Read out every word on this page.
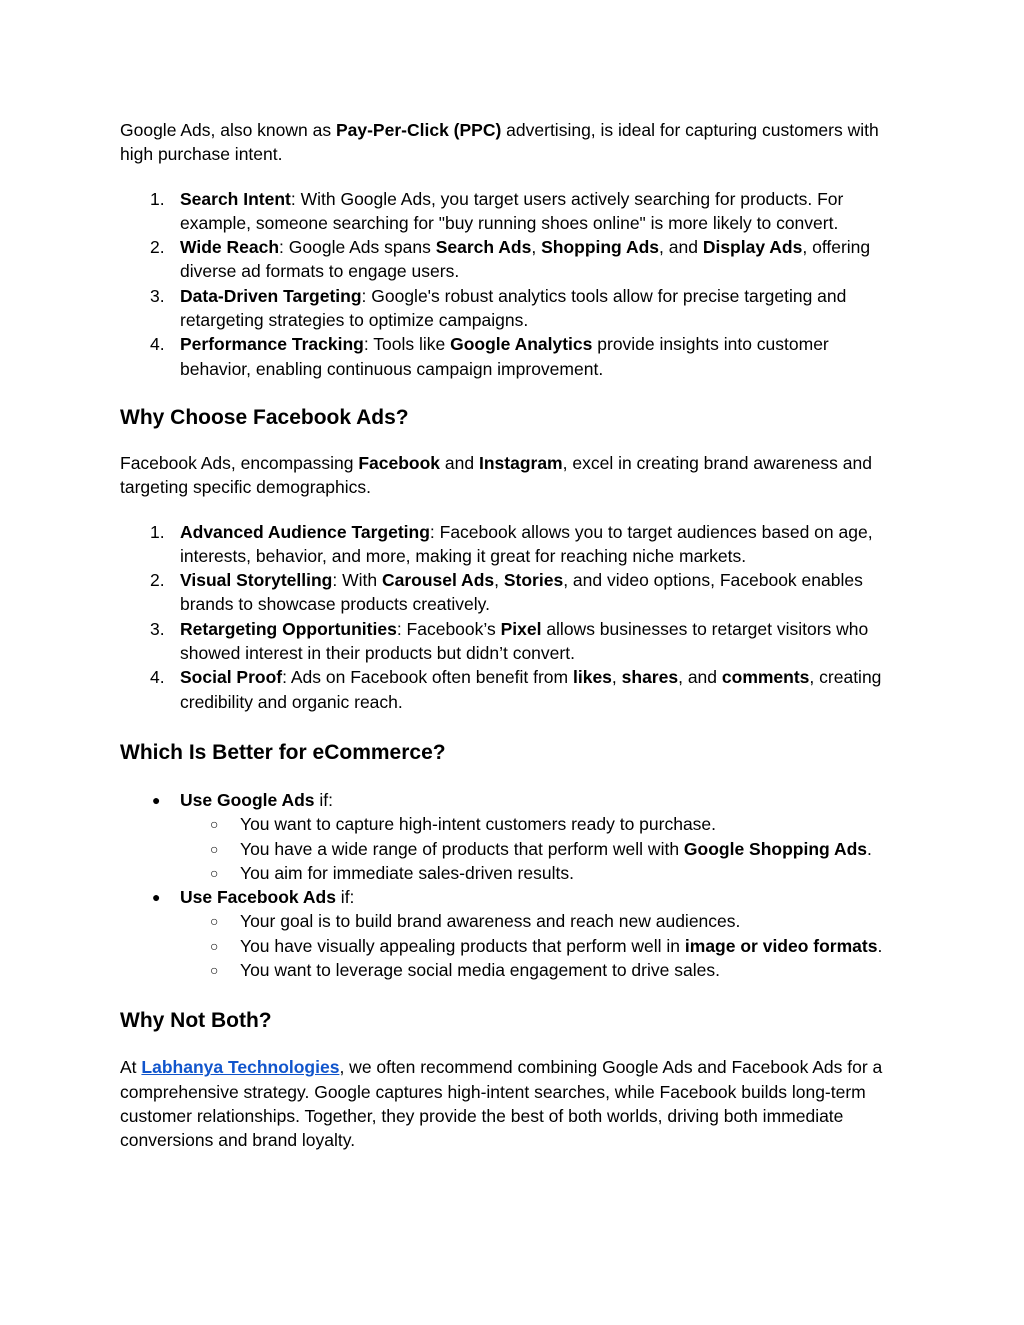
Google Ads, also known as Pay-Per-Click (PPC) advertising, is ideal for capturing customers with high purchase intent.

1. Search Intent: With Google Ads, you target users actively searching for products. For example, someone searching for "buy running shoes online" is more likely to convert.
2. Wide Reach: Google Ads spans Search Ads, Shopping Ads, and Display Ads, offering diverse ad formats to engage users.
3. Data-Driven Targeting: Google's robust analytics tools allow for precise targeting and retargeting strategies to optimize campaigns.
4. Performance Tracking: Tools like Google Analytics provide insights into customer behavior, enabling continuous campaign improvement.
Why Choose Facebook Ads?

Facebook Ads, encompassing Facebook and Instagram, excel in creating brand awareness and targeting specific demographics.

1. Advanced Audience Targeting: Facebook allows you to target audiences based on age, interests, behavior, and more, making it great for reaching niche markets.
2. Visual Storytelling: With Carousel Ads, Stories, and video options, Facebook enables brands to showcase products creatively.
3. Retargeting Opportunities: Facebook’s Pixel allows businesses to retarget visitors who showed interest in their products but didn’t convert.
4. Social Proof: Ads on Facebook often benefit from likes, shares, and comments, creating credibility and organic reach.
Which Is Better for eCommerce?
● Use Google Ads if:
○	You want to capture high-intent customers ready to purchase.
○	You have a wide range of products that perform well with Google Shopping Ads.
○	You aim for immediate sales-driven results.
● Use Facebook Ads if:
○	Your goal is to build brand awareness and reach new audiences.
○	You have visually appealing products that perform well in image or video formats.
○	You want to leverage social media engagement to drive sales.
Why Not Both?

At Labhanya Technologies, we often recommend combining Google Ads and Facebook Ads for a comprehensive strategy. Google captures high-intent searches, while Facebook builds long-term customer relationships. Together, they provide the best of both worlds, driving both immediate conversions and brand loyalty.
